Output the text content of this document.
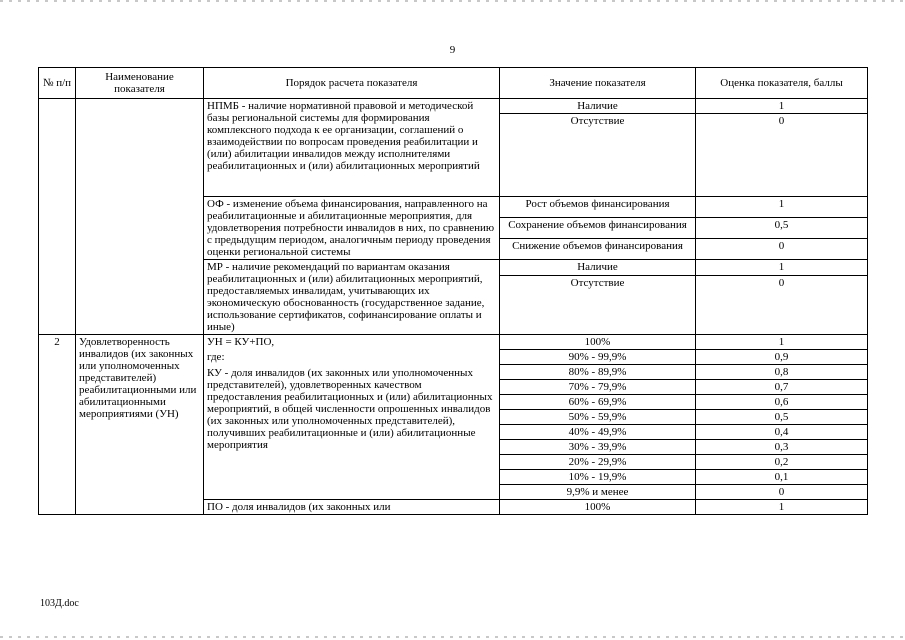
9
№ п/п	Наименование показателя	Порядок расчета показателя	Значение показателя	Оценка показателя, баллы
		НПМБ - наличие нормативной правовой и методической базы региональной системы для формирования комплексного подхода к ее организации, соглашений о взаимодействии по вопросам проведения реабилитации и (или) абилитации инвалидов между исполнителями реабилитационных и (или) абилитационных мероприятий	Наличие	1
			Отсутствие	0
		ОФ - изменение объема финансирования, направленного на реабилитационные и абилитационные мероприятия, для удовлетворения потребности инвалидов в них, по сравнению с предыдущим периодом, аналогичным периоду проведения оценки региональной системы	Рост объемов финансирования	1
			Сохранение объемов финансирования	0,5
			Снижение объемов финансирования	0
		МР - наличие рекомендаций по вариантам оказания реабилитационных и (или) абилитационных мероприятий, предоставляемых инвалидам, учитывающих их экономическую обоснованность (государственное задание, использование сертификатов, софинансирование оплаты и иные)	Наличие	1
			Отсутствие	0
2	Удовлетворенность инвалидов (их законных или уполномоченных представителей) реабилитационными или абилитационными мероприятиями (УН)	УН = КУ+ПО,
где:
КУ - доля инвалидов (их законных или уполномоченных представителей), удовлетворенных качеством предоставления реабилитационных и (или) абилитационных мероприятий, в общей численности опрошенных инвалидов (их законных или уполномоченных представителей), получивших реабилитационные и (или) абилитационные мероприятия	100%	1
			90% - 99,9%	0,9
			80% - 89,9%	0,8
			70% - 79,9%	0,7
			60% - 69,9%	0,6
			50% - 59,9%	0,5
			40% - 49,9%	0,4
			30% - 39,9%	0,3
			20% - 29,9%	0,2
			10% - 19,9%	0,1
			9,9% и менее	0
		ПО - доля инвалидов (их законных или	100%	1
103Д.doc
